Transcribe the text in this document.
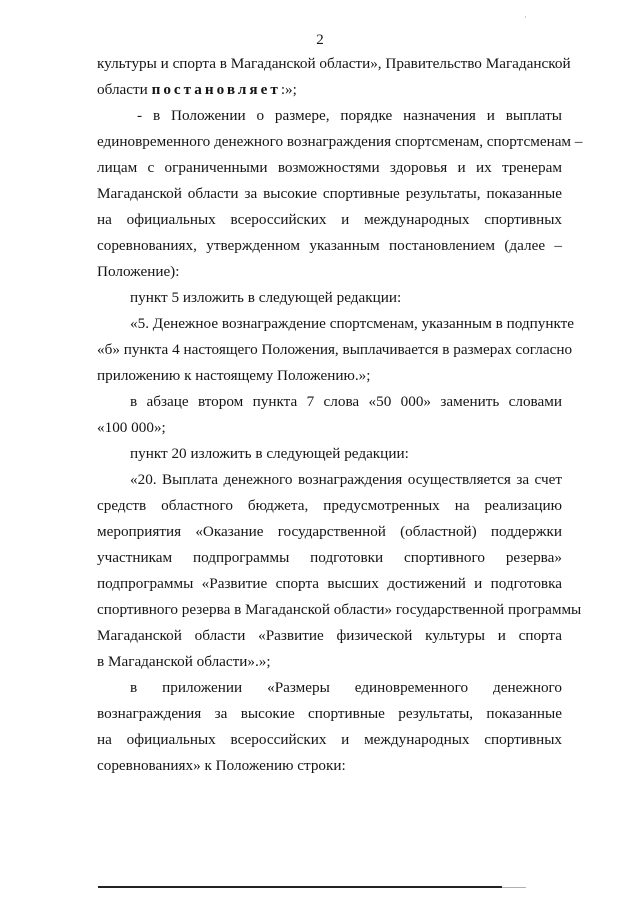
·
2
культуры и спорта в Магаданской области», Правительство Магаданской
области постановляет:»;
- в Положении о размере, порядке назначения и выплаты
единовременного денежного вознаграждения спортсменам, спортсменам –
лицам с ограниченными возможностями здоровья и их тренерам
Магаданской области за высокие спортивные результаты, показанные
на официальных всероссийских и международных спортивных
соревнованиях, утвержденном указанным постановлением (далее –
Положение):
пункт 5 изложить в следующей редакции:
«5. Денежное вознаграждение спортсменам, указанным в подпункте
«б» пункта 4 настоящего Положения, выплачивается в размерах согласно
приложению к настоящему Положению.»;
в абзаце втором пункта 7 слова «50 000» заменить словами
«100 000»;
пункт 20 изложить в следующей редакции:
«20. Выплата денежного вознаграждения осуществляется за счет
средств областного бюджета, предусмотренных на реализацию
мероприятия «Оказание государственной (областной) поддержки
участникам подпрограммы подготовки спортивного резерва»
подпрограммы «Развитие спорта высших достижений и подготовка
спортивного резерва в Магаданской области» государственной программы
Магаданской области «Развитие физической культуры и спорта
в Магаданской области».»;
в приложении «Размеры единовременного денежного
вознаграждения за высокие спортивные результаты, показанные
на официальных всероссийских и международных спортивных
соревнованиях» к Положению строки:
